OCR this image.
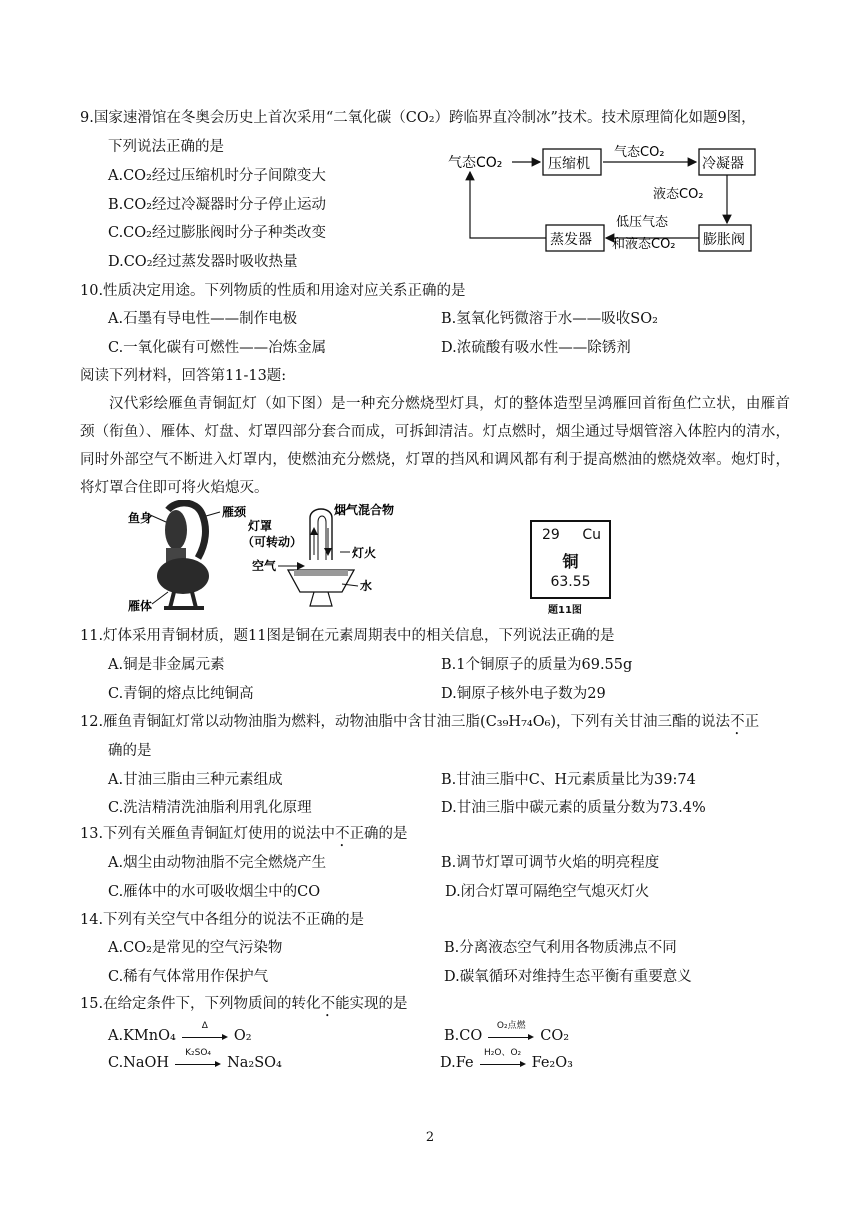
9.国家速滑馆在冬奥会历史上首次采用“二氧化碳（CO₂）跨临界直冷制冰”技术。技术原理简化如题9图，
下列说法正确的是
A.CO₂经过压缩机时分子间隙变大
B.CO₂经过冷凝器时分子停止运动
C.CO₂经过膨胀阀时分子种类改变
D.CO₂经过蒸发器时吸收热量
气态CO₂	压缩机
气态CO₂
冷凝器
液态CO₂
膨胀阀
低压气态
和液态CO₂
蒸发器
10.性质决定用途。下列物质的性质和用途对应关系正确的是
A.石墨有导电性——制作电极	B.氢氧化钙微溶于水——吸收SO₂
C.一氧化碳有可燃性——冶炼金属	D.浓硫酸有吸水性——除锈剂
阅读下列材料，回答第11-13题:
汉代彩绘雁鱼青铜缸灯（如下图）是一种充分燃烧型灯具，灯的整体造型呈鸿雁回首衔鱼伫立状，由雁首颈（衔鱼）、雁体、灯盘、灯罩四部分套合而成，可拆卸清洁。灯点燃时，烟尘通过导烟管溶入体腔内的清水，同时外部空气不断进入灯罩内，使燃油充分燃烧，灯罩的挡风和调风都有利于提高燃油的燃烧效率。炮灯时，将灯罩合住即可将火焰熄灭。
鱼身	雁颈
雁体
灯罩
（可转动）
烟气混合物
灯火
空气
水
29 Cu
铜
63.55
题11图
11.灯体采用青铜材质，题11图是铜在元素周期表中的相关信息，下列说法正确的是
A.铜是非金属元素	B.1个铜原子的质量为69.55g
C.青铜的熔点比纯铜高	D.铜原子核外电子数为29
12.雁鱼青铜缸灯常以动物油脂为燃料，动物油脂中含甘油三脂(C₃₉H₇₄O₆)，下列有关甘油三酯的说法不正
确的是
A.甘油三脂由三种元素组成	B.甘油三脂中C、H元素质量比为39:74
C.洗洁精清洗油脂利用乳化原理	D.甘油三脂中碳元素的质量分数为73.4%
13.下列有关雁鱼青铜缸灯使用的说法中不正确的是
A.烟尘由动物油脂不完全燃烧产生	B.调节灯罩可调节火焰的明亮程度
C.雁体中的水可吸收烟尘中的CO	D.闭合灯罩可隔绝空气熄灭灯火
14.下列有关空气中各组分的说法不正确的是
A.CO₂是常见的空气污染物	B.分离液态空气利用各物质沸点不同
C.稀有气体常用作保护气	D.碳氧循环对维持生态平衡有重要意义
15.在给定条件下，下列物质间的转化不能实现的是
A.KMnO₄
Δ
O₂	B.CO
O₂点燃
CO₂
C.NaOH
K₂SO₄
Na₂SO₄	D.Fe
H₂O、O₂
Fe₂O₃
2
